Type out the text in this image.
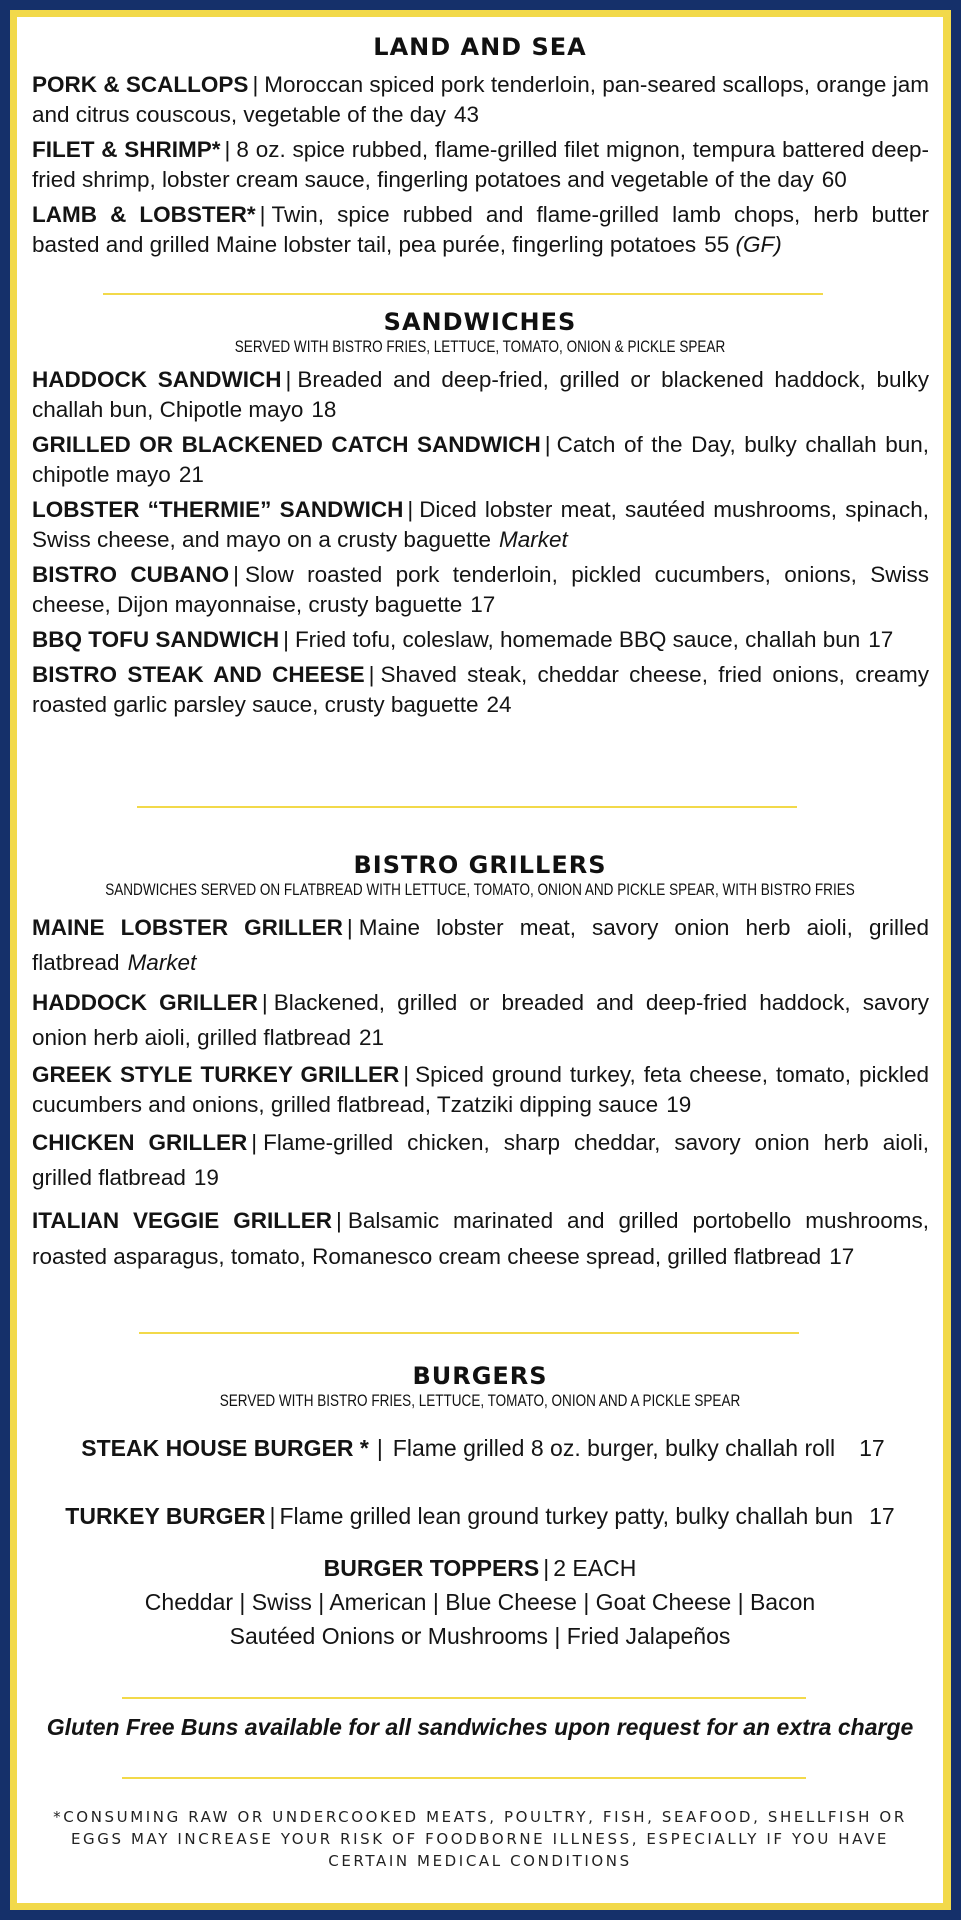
LAND AND SEA

PORK & SCALLOPS | Moroccan spiced pork tenderloin, pan-seared scallops, orange jam and citrus couscous, vegetable of the day 43

FILET & SHRIMP* | 8 oz. spice rubbed, flame-grilled filet mignon, tempura battered deep-fried shrimp, lobster cream sauce, fingerling potatoes and vegetable of the day 60

LAMB & LOBSTER* | Twin, spice rubbed and flame-grilled lamb chops, herb butter basted and grilled Maine lobster tail, pea purée, fingerling potatoes 55 (GF)

SANDWICHES

SERVED WITH BISTRO FRIES, LETTUCE, TOMATO, ONION & PICKLE SPEAR

HADDOCK SANDWICH | Breaded and deep-fried, grilled or blackened haddock, bulky challah bun, Chipotle mayo 18

GRILLED OR BLACKENED CATCH SANDWICH | Catch of the Day, bulky challah bun, chipotle mayo 21

LOBSTER “THERMIE” SANDWICH | Diced lobster meat, sautéed mushrooms, spinach, Swiss cheese, and mayo on a crusty baguette Market

BISTRO CUBANO | Slow roasted pork tenderloin, pickled cucumbers, onions, Swiss cheese, Dijon mayonnaise, crusty baguette 17

BBQ TOFU SANDWICH | Fried tofu, coleslaw, homemade BBQ sauce, challah bun 17

BISTRO STEAK AND CHEESE | Shaved steak, cheddar cheese, fried onions, creamy roasted garlic parsley sauce, crusty baguette 24

BISTRO GRILLERS

SANDWICHES SERVED ON FLATBREAD WITH LETTUCE, TOMATO, ONION AND PICKLE SPEAR, WITH BISTRO FRIES

MAINE LOBSTER GRILLER | Maine lobster meat, savory onion herb aioli, grilled flatbread Market

HADDOCK GRILLER | Blackened, grilled or breaded and deep-fried haddock, savory onion herb aioli, grilled flatbread 21

GREEK STYLE TURKEY GRILLER | Spiced ground turkey, feta cheese, tomato, pickled cucumbers and onions, grilled flatbread, Tzatziki dipping sauce 19

CHICKEN GRILLER | Flame-grilled chicken, sharp cheddar, savory onion herb aioli, grilled flatbread 19

ITALIAN VEGGIE GRILLER | Balsamic marinated and grilled portobello mushrooms, roasted asparagus, tomato, Romanesco cream cheese spread, grilled flatbread 17

BURGERS

SERVED WITH BISTRO FRIES, LETTUCE, TOMATO, ONION AND A PICKLE SPEAR

STEAK HOUSE BURGER * | Flame grilled 8 oz. burger, bulky challah roll 17

TURKEY BURGER | Flame grilled lean ground turkey patty, bulky challah bun 17

BURGER TOPPERS | 2 EACH
Cheddar | Swiss | American | Blue Cheese | Goat Cheese | Bacon
Sautéed Onions or Mushrooms | Fried Jalapeños
Gluten Free Buns available for all sandwiches upon request for an extra charge
*CONSUMING RAW OR UNDERCOOKED MEATS, POULTRY, FISH, SEAFOOD, SHELLFISH OR EGGS MAY INCREASE YOUR RISK OF FOODBORNE ILLNESS, ESPECIALLY IF YOU HAVE CERTAIN MEDICAL CONDITIONS
